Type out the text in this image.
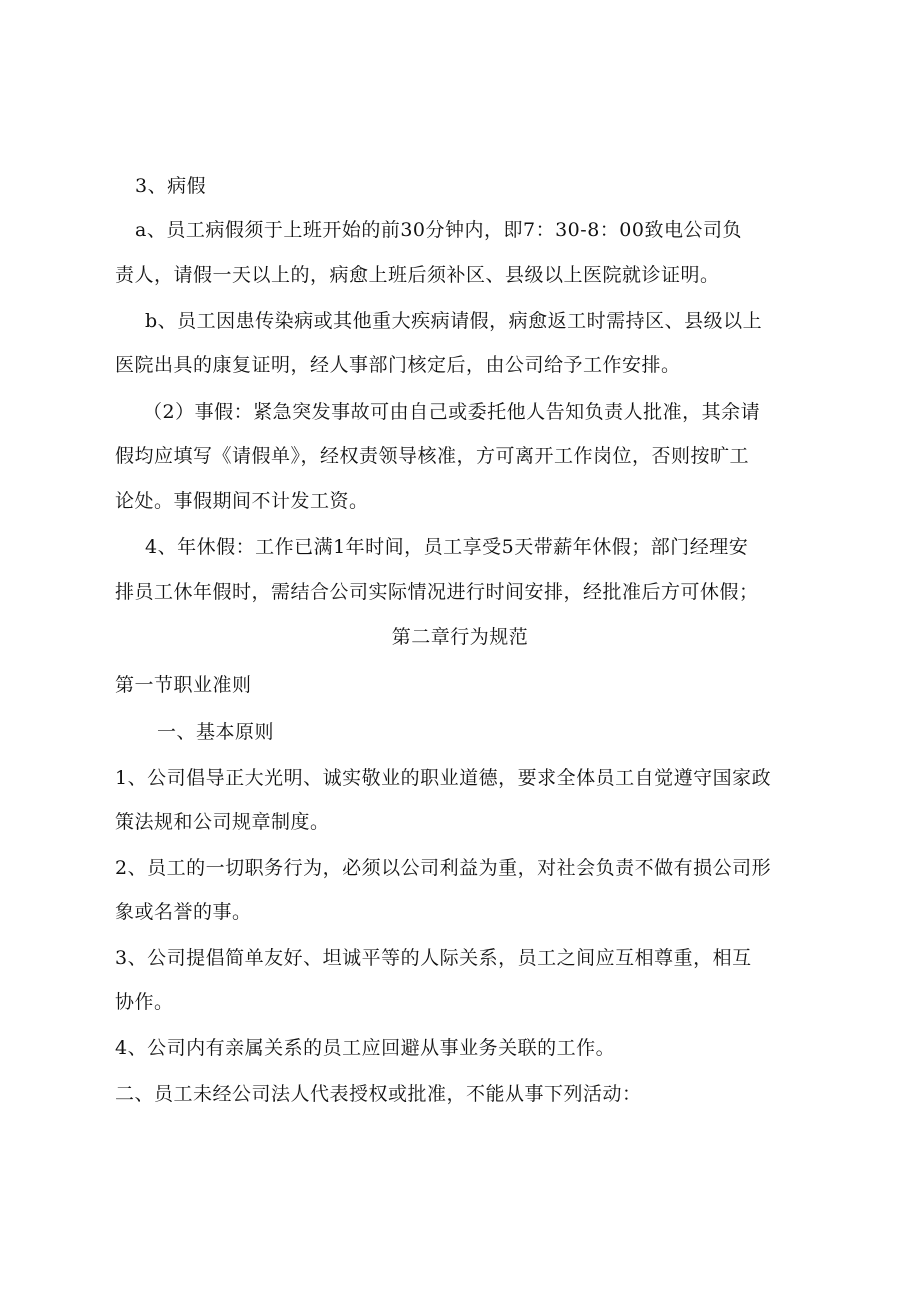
3、病假
a、员工病假须于上班开始的前30分钟内，即7：30-8：00致电公司负
责人，请假一天以上的，病愈上班后须补区、县级以上医院就诊证明。
b、员工因患传染病或其他重大疾病请假，病愈返工时需持区、县级以上
医院出具的康复证明，经人事部门核定后，由公司给予工作安排。
（2）事假：紧急突发事故可由自己或委托他人告知负责人批准，其余请
假均应填写《请假单》，经权责领导核准，方可离开工作岗位，否则按旷工
论处。事假期间不计发工资。
4、年休假：工作已满1年时间，员工享受5天带薪年休假；部门经理安
排员工休年假时，需结合公司实际情况进行时间安排，经批准后方可休假；
第二章行为规范
第一节职业准则
一、基本原则
1、公司倡导正大光明、诚实敬业的职业道德，要求全体员工自觉遵守国家政
策法规和公司规章制度。
2、员工的一切职务行为，必须以公司利益为重，对社会负责不做有损公司形
象或名誉的事。
3、公司提倡简单友好、坦诚平等的人际关系，员工之间应互相尊重，相互
协作。
4、公司内有亲属关系的员工应回避从事业务关联的工作。
二、员工未经公司法人代表授权或批准，不能从事下列活动：
